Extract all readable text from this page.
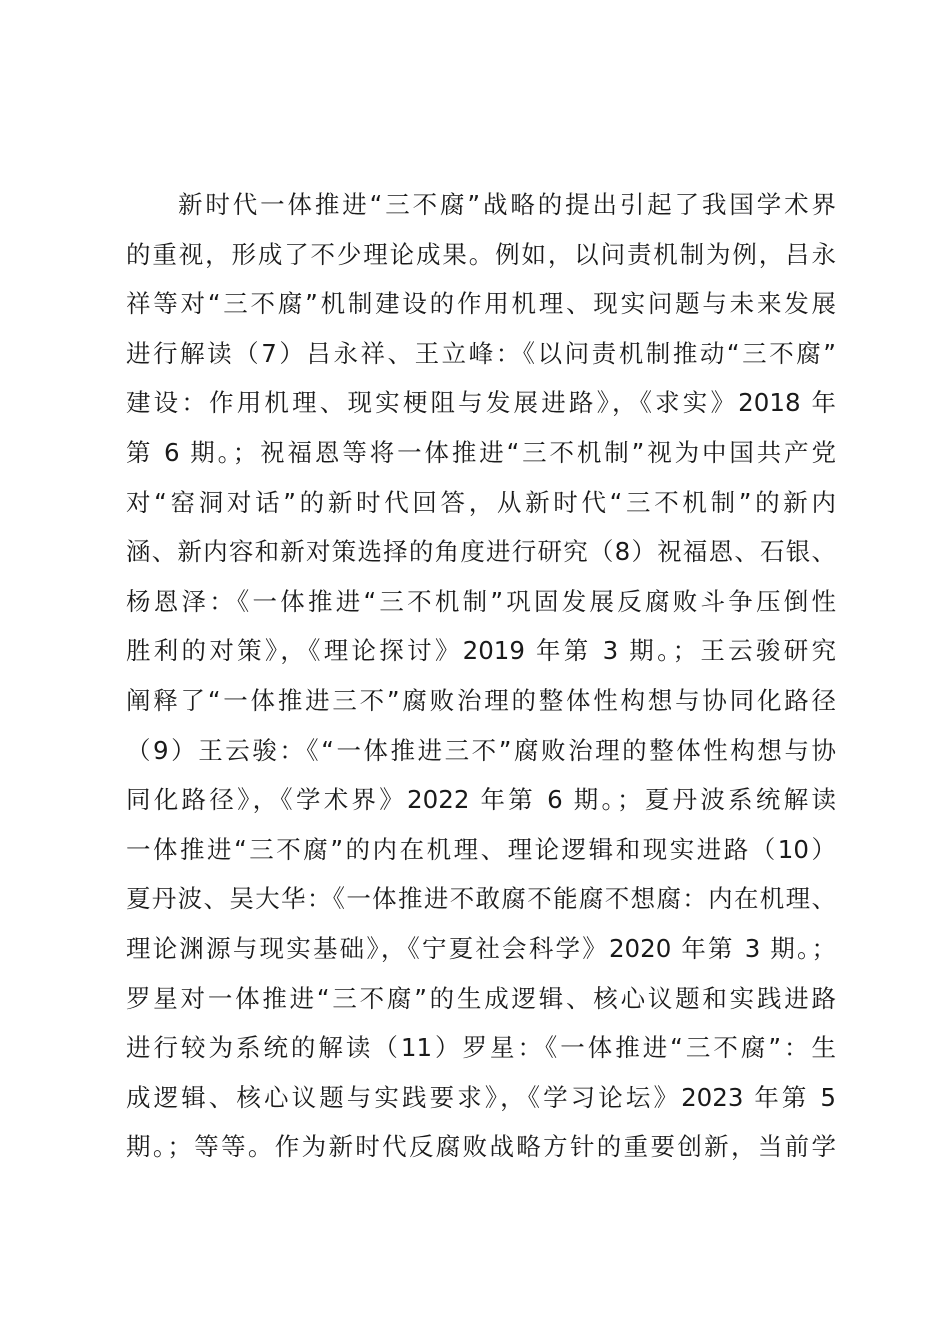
新时代一体推进“三不腐”战略的提出引起了我国学术界
的重视，形成了不少理论成果。例如，以问责机制为例，吕永
祥等对“三不腐”机制建设的作用机理、现实问题与未来发展
进行解读（7）吕永祥、王立峰：《以问责机制推动“三不腐”
建设：作用机理、现实梗阻与发展进路》，《求实》2018 年
第 6 期。；祝福恩等将一体推进“三不机制”视为中国共产党
对“窑洞对话”的新时代回答，从新时代“三不机制”的新内
涵、新内容和新对策选择的角度进行研究（8）祝福恩、石银、
杨恩泽：《一体推进“三不机制”巩固发展反腐败斗争压倒性
胜利的对策》，《理论探讨》2019 年第 3 期。；王云骏研究
阐释了“一体推进三不”腐败治理的整体性构想与协同化路径
（9）王云骏：《“一体推进三不”腐败治理的整体性构想与协
同化路径》，《学术界》2022 年第 6 期。；夏丹波系统解读
一体推进“三不腐”的内在机理、理论逻辑和现实进路（10）
夏丹波、吴大华：《一体推进不敢腐不能腐不想腐：内在机理、
理论渊源与现实基础》，《宁夏社会科学》2020 年第 3 期。；
罗星对一体推进“三不腐”的生成逻辑、核心议题和实践进路
进行较为系统的解读（11）罗星：《一体推进“三不腐”：生
成逻辑、核心议题与实践要求》，《学习论坛》2023 年第 5
期。；等等。作为新时代反腐败战略方针的重要创新，当前学
